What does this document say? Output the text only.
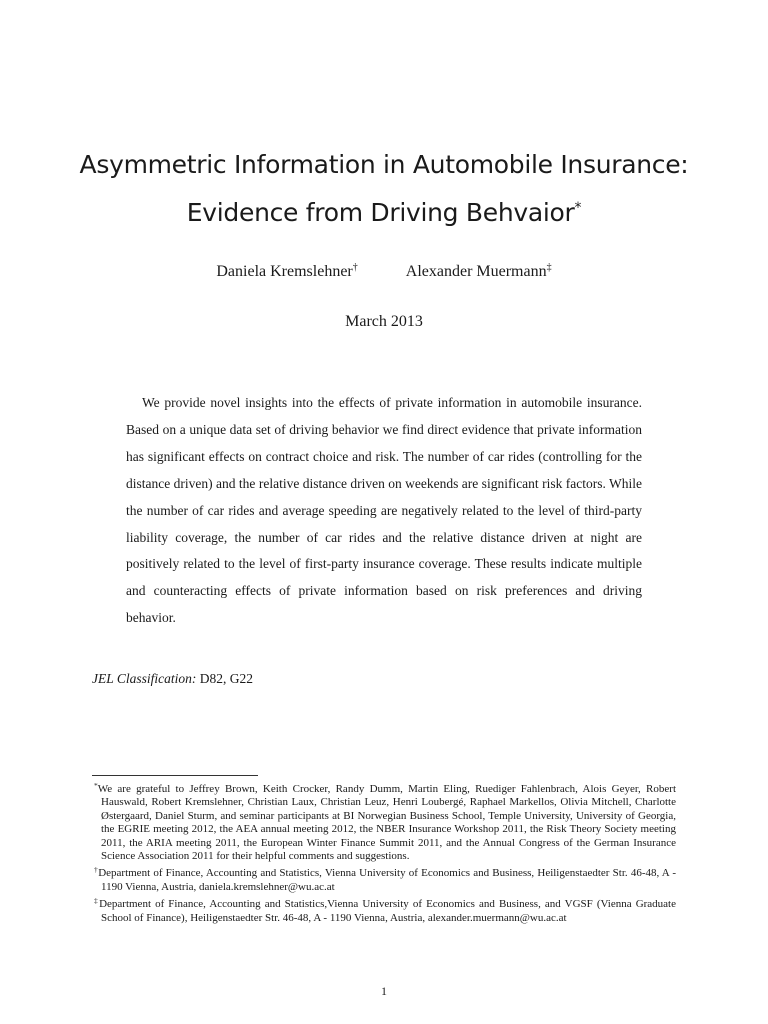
Asymmetric Information in Automobile Insurance:
Evidence from Driving Behvaior*
Daniela Kremslehner†	Alexander Muermann‡
March 2013

We provide novel insights into the effects of private information in automobile insurance. Based on a unique data set of driving behavior we find direct evidence that private information has significant effects on contract choice and risk. The number of car rides (controlling for the distance driven) and the relative distance driven on weekends are significant risk factors. While the number of car rides and average speeding are negatively related to the level of third-party liability coverage, the number of car rides and the relative distance driven at night are positively related to the level of first-party insurance coverage. These results indicate multiple and counteracting effects of private information based on risk preferences and driving behavior.

JEL Classification: D82, G22

*We are grateful to Jeffrey Brown, Keith Crocker, Randy Dumm, Martin Eling, Ruediger Fahlenbrach, Alois Geyer, Robert Hauswald, Robert Kremslehner, Christian Laux, Christian Leuz, Henri Loubergé, Raphael Markellos, Olivia Mitchell, Charlotte Østergaard, Daniel Sturm, and seminar participants at BI Norwegian Business School, Temple University, University of Georgia, the EGRIE meeting 2012, the AEA annual meeting 2012, the NBER Insurance Workshop 2011, the Risk Theory Society meeting 2011, the ARIA meeting 2011, the European Winter Finance Summit 2011, and the Annual Congress of the German Insurance Science Association 2011 for their helpful comments and suggestions.

†Department of Finance, Accounting and Statistics, Vienna University of Economics and Business, Heiligenstaedter Str. 46-48, A - 1190 Vienna, Austria, daniela.kremslehner@wu.ac.at

‡Department of Finance, Accounting and Statistics,Vienna University of Economics and Business, and VGSF (Vienna Graduate School of Finance), Heiligenstaedter Str. 46-48, A - 1190 Vienna, Austria, alexander.muermann@wu.ac.at

1
